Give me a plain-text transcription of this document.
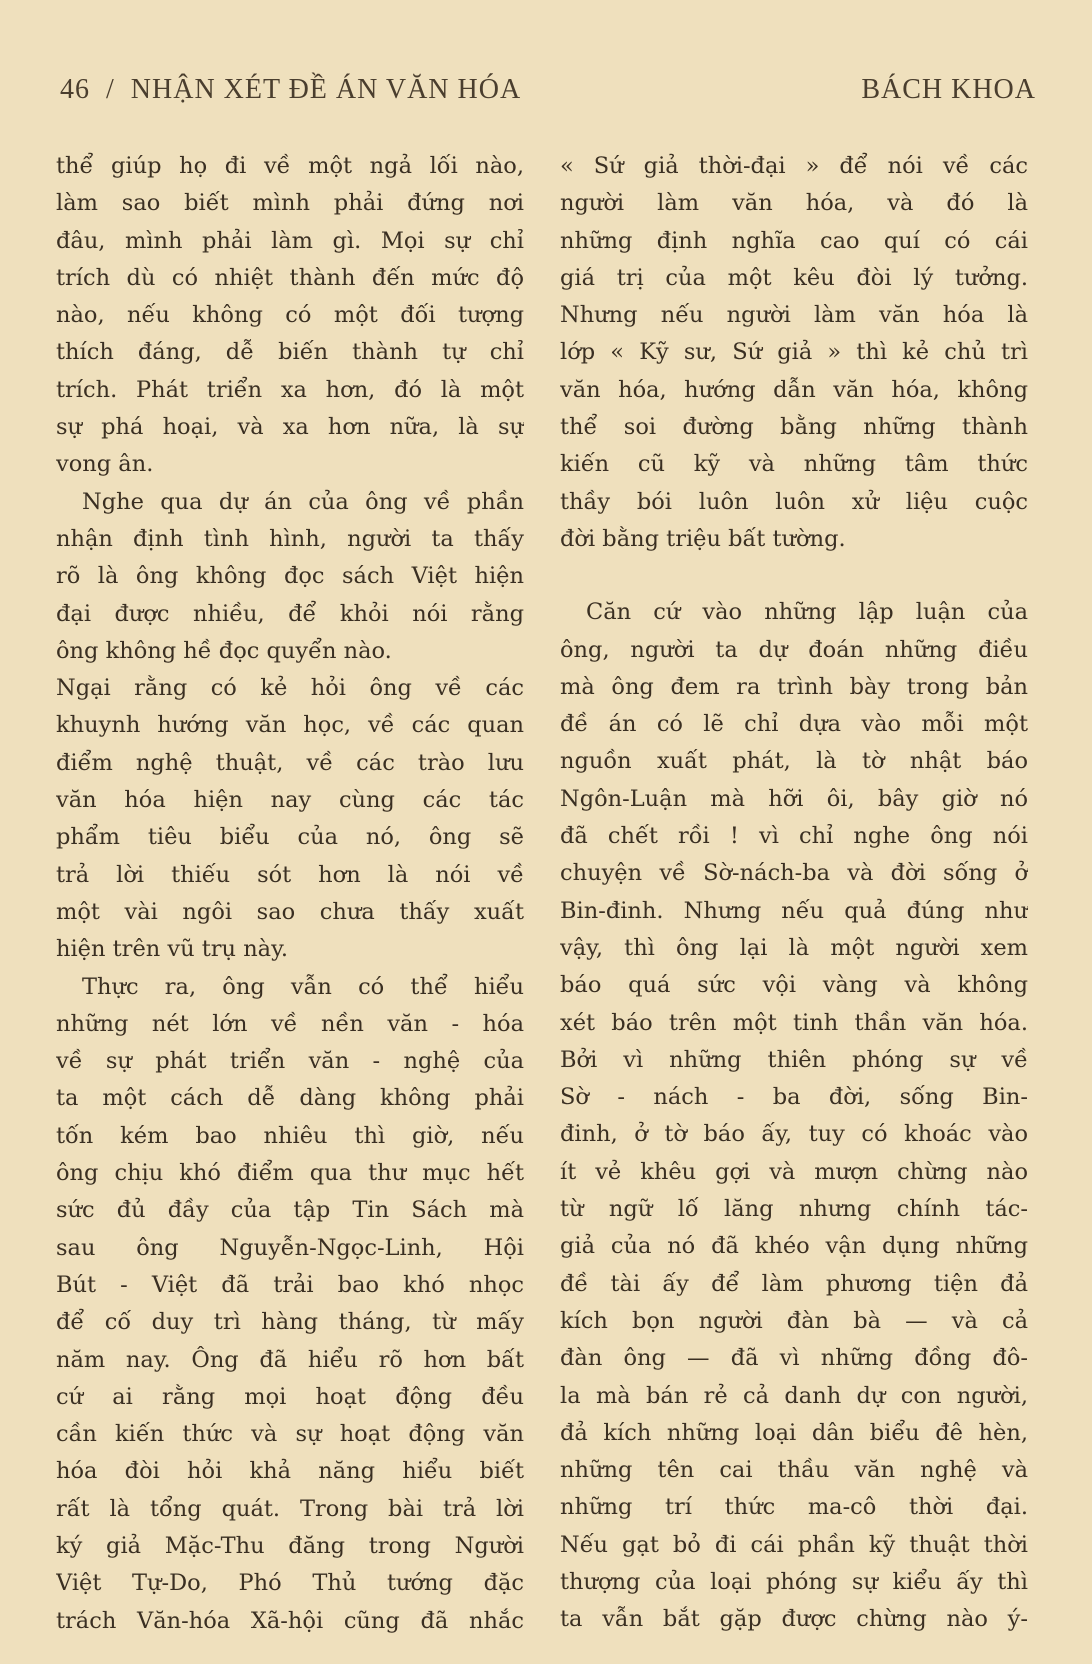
46 / NHẬN XÉT ĐỀ ÁN VĂN HÓA	BÁCH KHOA
thể giúp họ đi về một ngả lối nào,
làm sao biết mình phải đứng nơi
đâu, mình phải làm gì. Mọi sự chỉ
trích dù có nhiệt thành đến mức độ
nào, nếu không có một đối tượng
thích đáng, dễ biến thành tự chỉ
trích. Phát triển xa hơn, đó là một
sự phá hoại, và xa hơn nữa, là sự
vong ân.
Nghe qua dự án của ông về phần
nhận định tình hình, người ta thấy
rõ là ông không đọc sách Việt hiện
đại được nhiều, để khỏi nói rằng
ông không hề đọc quyển nào.
Ngại rằng có kẻ hỏi ông về các
khuynh hướng văn học, về các quan
điểm nghệ thuật, về các trào lưu
văn hóa hiện nay cùng các tác
phẩm tiêu biểu của nó, ông sẽ
trả lời thiếu sót hơn là nói về
một vài ngôi sao chưa thấy xuất
hiện trên vũ trụ này.
Thực ra, ông vẫn có thể hiểu
những nét lớn về nền văn - hóa
về sự phát triển văn - nghệ của
ta một cách dễ dàng không phải
tốn kém bao nhiêu thì giờ, nếu
ông chịu khó điểm qua thư mục hết
sức đủ đầy của tập Tin Sách mà
sau ông Nguyễn-Ngọc-Linh, Hội
Bút - Việt đã trải bao khó nhọc
để cố duy trì hàng tháng, từ mấy
năm nay. Ông đã hiểu rõ hơn bất
cứ ai rằng mọi hoạt động đều
cần kiến thức và sự hoạt động văn
hóa đòi hỏi khả năng hiểu biết
rất là tổng quát. Trong bài trả lời
ký giả Mặc-Thu đăng trong Người
Việt Tự-Do, Phó Thủ tướng đặc
trách Văn-hóa Xã-hội cũng đã nhắc
« Sứ giả thời-đại » để nói về các
người làm văn hóa, và đó là
những định nghĩa cao quí có cái
giá trị của một kêu đòi lý tưởng.
Nhưng nếu người làm văn hóa là
lớp « Kỹ sư, Sứ giả » thì kẻ chủ trì
văn hóa, hướng dẫn văn hóa, không
thể soi đường bằng những thành
kiến cũ kỹ và những tâm thức
thầy bói luôn luôn xử liệu cuộc
đời bằng triệu bất tường.
Căn cứ vào những lập luận của
ông, người ta dự đoán những điều
mà ông đem ra trình bày trong bản
đề án có lẽ chỉ dựa vào mỗi một
nguồn xuất phát, là tờ nhật báo
Ngôn-Luận mà hỡi ôi, bây giờ nó
đã chết rồi ! vì chỉ nghe ông nói
chuyện về Sờ-nách-ba và đời sống ở
Bin-đinh. Nhưng nếu quả đúng như
vậy, thì ông lại là một người xem
báo quá sức vội vàng và không
xét báo trên một tinh thần văn hóa.
Bởi vì những thiên phóng sự về
Sờ - nách - ba đời, sống Bin-
đinh, ở tờ báo ấy, tuy có khoác vào
ít vẻ khêu gợi và mượn chừng nào
từ ngữ lố lăng nhưng chính tác-
giả của nó đã khéo vận dụng những
đề tài ấy để làm phương tiện đả
kích bọn người đàn bà — và cả
đàn ông — đã vì những đồng đô-
la mà bán rẻ cả danh dự con người,
đả kích những loại dân biểu đê hèn,
những tên cai thầu văn nghệ và
những trí thức ma-cô thời đại.
Nếu gạt bỏ đi cái phần kỹ thuật thời
thượng của loại phóng sự kiểu ấy thì
ta vẫn bắt gặp được chừng nào ý-
